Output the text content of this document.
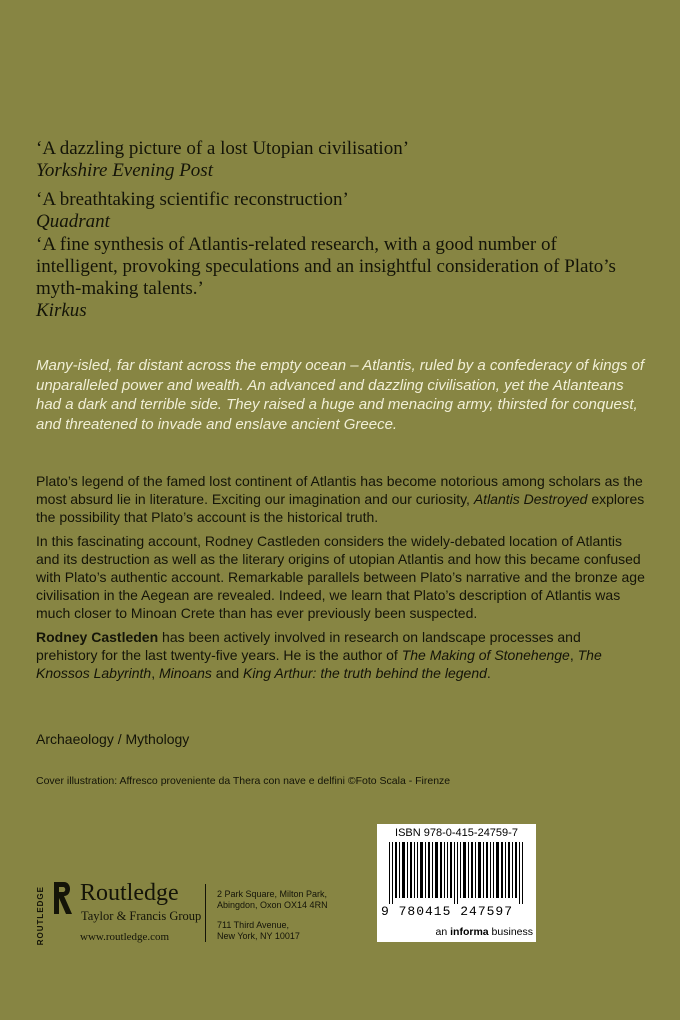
‘A dazzling picture of a lost Utopian civilisation’

Yorkshire Evening Post

‘A breathtaking scientific reconstruction’

Quadrant

‘A fine synthesis of Atlantis-related research, with a good number of intelligent, provoking speculations and an insightful consideration of Plato’s myth-making talents.’

Kirkus

Many-isled, far distant across the empty ocean – Atlantis, ruled by a confederacy of kings of unparalleled power and wealth. An advanced and dazzling civilisation, yet the Atlanteans had a dark and terrible side. They raised a huge and menacing army, thirsted for conquest, and threatened to invade and enslave ancient Greece.

Plato’s legend of the famed lost continent of Atlantis has become notorious among scholars as the most absurd lie in literature. Exciting our imagination and our curiosity, Atlantis Destroyed explores the possibility that Plato’s account is the historical truth.

In this fascinating account, Rodney Castleden considers the widely-debated location of Atlantis and its destruction as well as the literary origins of utopian Atlantis and how this became confused with Plato’s authentic account. Remarkable parallels between Plato’s narrative and the bronze age civilisation in the Aegean are revealed. Indeed, we learn that Plato’s description of Atlantis was much closer to Minoan Crete than has ever previously been suspected.

Rodney Castleden has been actively involved in research on landscape processes and prehistory for the last twenty-five years. He is the author of The Making of Stonehenge, The Knossos Labyrinth, Minoans and King Arthur: the truth behind the legend.

Archaeology / Mythology
Cover illustration: Affresco proveniente da Thera con nave e delfini ©Foto Scala - Firenze
ISBN 978-0-415-24759-7
9 780415 247597
an informa business
ROUTLEDGE Routledge
Taylor & Francis Group
www.routledge.com

2 Park Square, Milton Park,

Abingdon, Oxon OX14 4RN

711 Third Avenue,

New York, NY 10017
